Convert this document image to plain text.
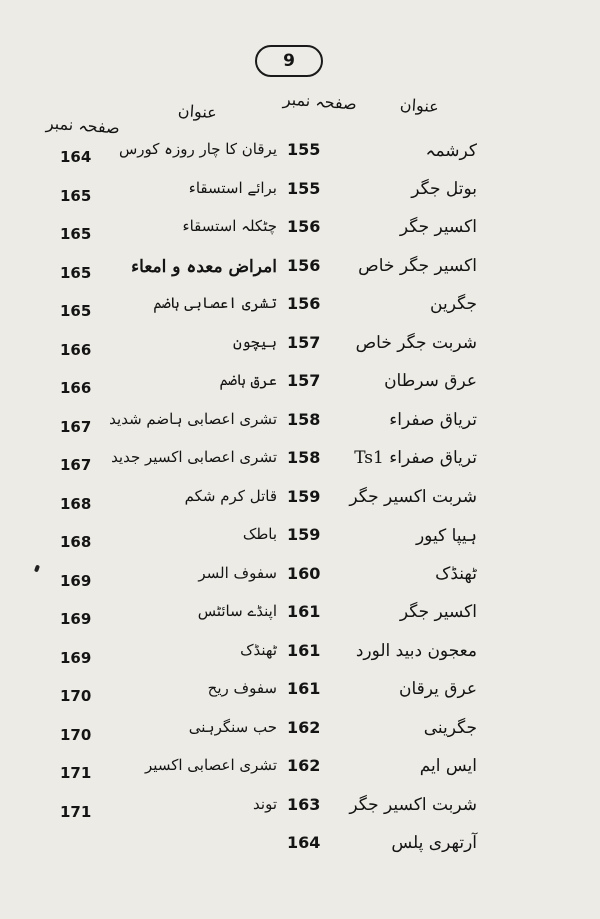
9
عنوان
صفحہ نمبر
عنوان
صفحہ نمبر
کرشمہ
155
یرقان کا چار روزہ کورس
164
بوتل جگر
155
برائے استسقاء
165
اکسیر جگر
156
چٹکلہ استسقاء
165
اکسیر جگر خاص
156
امراض معدہ و امعاء
165
جگرین
156
تشری اعصابی ہاضم
165
شربت جگر خاص
157
ہیچون
166
عرق سرطان
157
عرق ہاضم
166
تریاق صفراء
158
تشری اعصابی ہاضم شدید
167
تریاق صفراء Ts1
158
تشری اعصابی اکسیر جدید
167
شربت اکسیر جگر
159
قاتل کرم شکم
168
ہیپا کیور
159
باطک
168
ٹھنڈک
160
سفوف السر
169
اکسیر جگر
161
اپنڈے سائٹس
169
معجون دبید الورد
161
ٹھنڈک
169
عرق یرقان
161
سفوف ریح
170
جگرینی
162
حب سنگرہنی
170
ایس ایم
162
تشری اعصابی اکسیر
171
شربت اکسیر جگر
163
توند
171
آرتھری پلس
164
